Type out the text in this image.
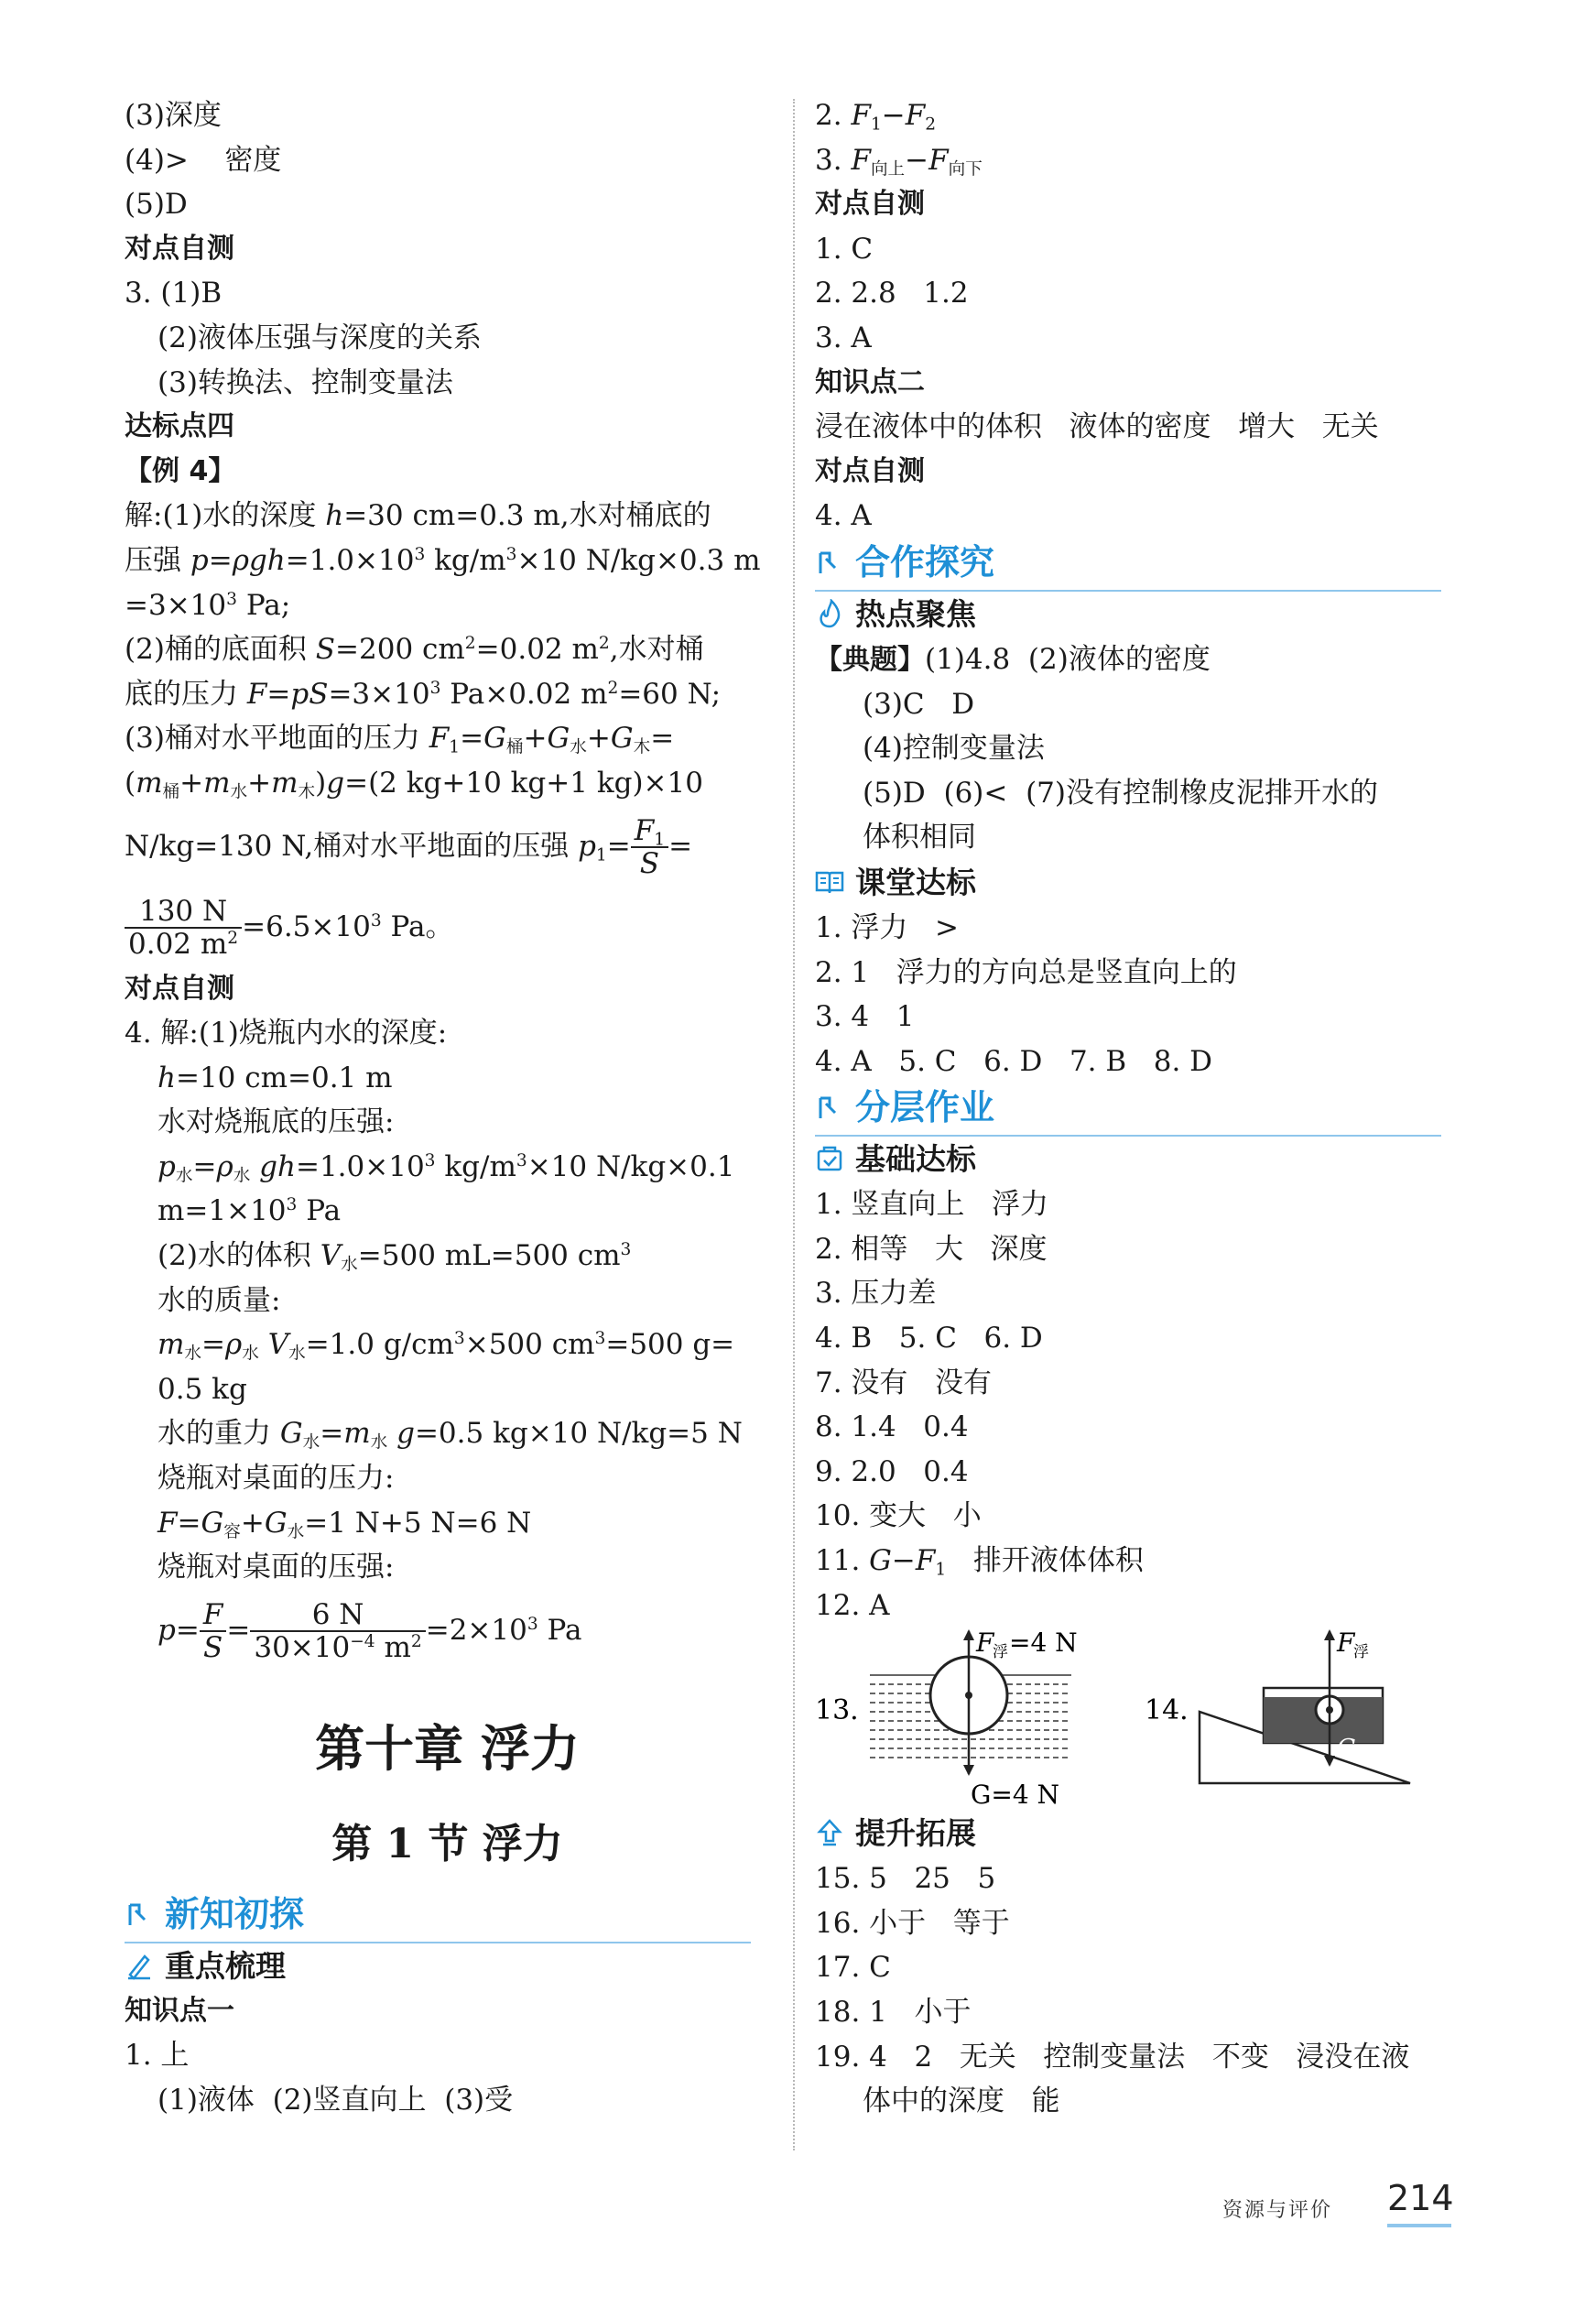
(3)深度
(4)> 密度
(5)D
对点自测
3. (1)B
(2)液体压强与深度的关系
(3)转换法、控制变量法
达标点四
【例 4】
解:(1)水的深度 h=30 cm=0.3 m,水对桶底的
压强 $p=\rho gh=1.0\times 10^3$ $kg/m^3\times 10$ N/kg×0.3 m
$=3\times 10^3$ Pa;
(2)桶的底面积 S=200 $cm^2=0.02$ $m^2$,水对桶
底的压力 $F=pS=3\times 10^3$ Pa×0.02 $m^2=60$ N;
(3)桶对水平地面的压力 $F_1=G_桶+G_水+G_木=$
$(m_桶+m_水+m_木)g=(2$ kg+10 kg+1 kg)×10
N/kg=130 N,桶对水平地面的压强 $p_1= \frac{F_1}{S}$ =
$\frac{130 N}{0.02 m^2} =6.5\times 10^3$ Pa。
对点自测
4. 解:(1)烧瓶内水的深度:
h=10 cm=0.1 m
水对烧瓶底的压强:
$p_水=\rho_水$ $gh=1.0\times 10^3$ $kg/m^3\times 10$ N/kg×0.1
$m=1\times 10^3$ Pa
(2)水的体积 $V_水=500$ mL=500 $cm^3$
水的质量:
$m_水=\rho_水$ $V_水=1.0$ $g/cm^3\times 500$ $cm^3=500$ g=
0.5 kg
水的重力 $G_水=m_水$ g=0.5 kg×10 N/kg=5 N
烧瓶对桌面的压力:
$F=G_容+G_水=1$ N+5 N=6 N
烧瓶对桌面的压强:
$p= \frac{F}{S} = \frac{6 N}{30\times 10^{-4} m^2} =2\times 10^3$ Pa
第十章 浮力
第 1 节 浮力
新知初探
重点梳理
知识点一
1. 上
(1)液体  (2)竖直向上  (3)受
2. $F_1-F_2$
3. $F_{向上}-F_{向下}$
对点自测
1. C
2. 2.8   1.2
3. A
知识点二
浸在液体中的体积   液体的密度   增大   无关
对点自测
4. A
合作探究
热点聚焦
【典题】(1)4.8  (2)液体的密度
(3)C   D
(4)控制变量法
(5)D  (6)<  (7)没有控制橡皮泥排开水的
体积相同
课堂达标
1. 浮力   >
2. 1   浮力的方向总是竖直向上的
3. 4   1
4. A   5. C   6. D   7. B   8. D
分层作业
基础达标
1. 竖直向上   浮力
2. 相等   大   深度
3. 压力差
4. B   5. C   6. D
7. 没有   没有
8. 1.4   0.4
9. 2.0   0.4
10. 变大   小
11. $G-F_1$   排开液体体积
12. A
13.
F
浮 =4 N
G=4 N
14.
F
浮
G
提升拓展
15. 5   25   5
16. 小于   等于
17. C
18. 1   小于
19. 4   2   无关   控制变量法   不变   浸没在液
体中的深度   能
资源与评价 214
